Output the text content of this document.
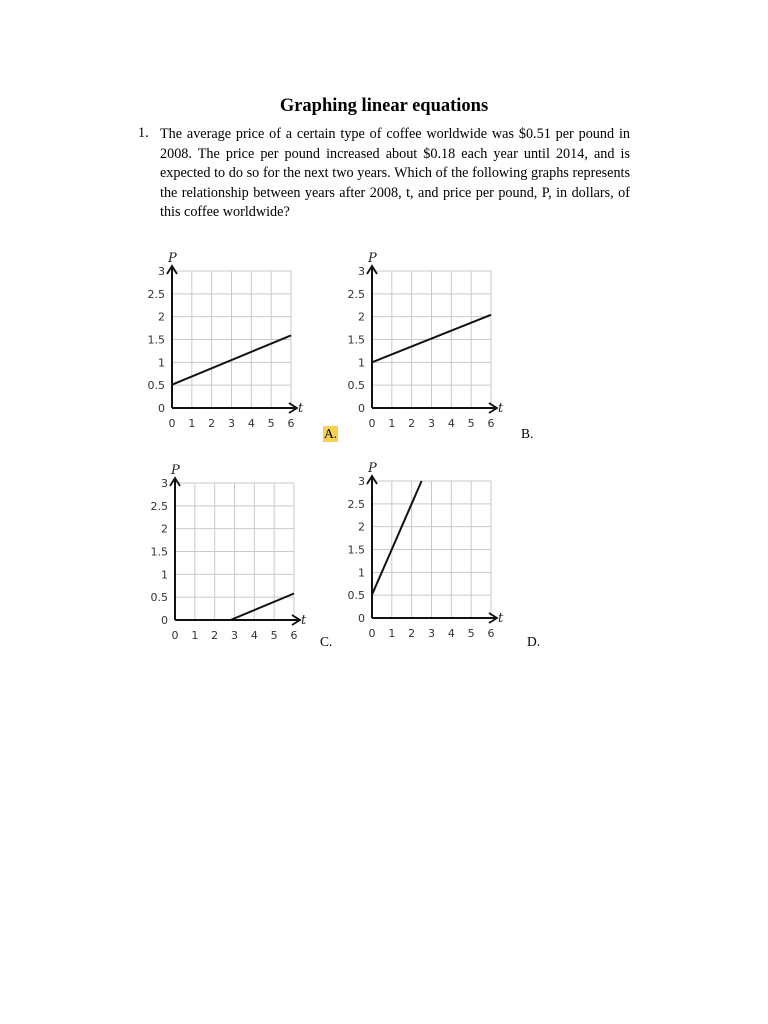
Graphing linear equations
1. The average price of a certain type of coffee worldwide was $0.51 per pound in 2008. The price per pound increased about $0.18 each year until 2014, and is expected to do so for the next two years. Which of the following graphs represents the relationship between years after 2008, t, and price per pound, P, in dollars, of this coffee worldwide?
t
P
0 1 2 3 4 5 6
0
0.5
1
1.5
2
2.5
3
t
P
0 1 2 3 4 5 6
0
0.5
1
1.5
2
2.5
3
t
P
0 1 2 3 4 5 6
0
0.5
1
1.5
2
2.5
3
t
P
0 1 2 3 4 5 6
0
0.5
1
1.5
2
2.5
3
A.	B.
C.	D.
